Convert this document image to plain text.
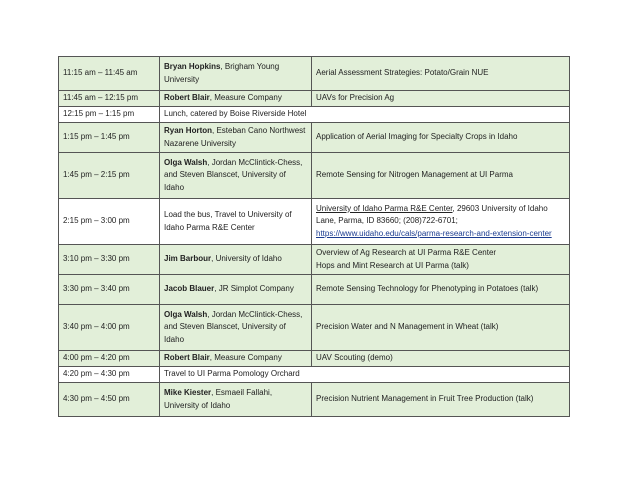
11:15 am – 11:45 am	Bryan Hopkins, Brigham Young University	Aerial Assessment Strategies: Potato/Grain NUE

11:45 am – 12:15 pm	Robert Blair, Measure Company	UAVs for Precision Ag

12:15 pm – 1:15 pm	Lunch, catered by Boise Riverside Hotel	
1:15 pm – 1:45 pm	Ryan Horton, Esteban Cano Northwest Nazarene University	Application of Aerial Imaging for Specialty Crops in Idaho

1:45 pm – 2:15 pm	Olga Walsh, Jordan McClintick-Chess, and Steven Blanscet, University of Idaho	Remote Sensing for Nitrogen Management at UI Parma

2:15 pm – 3:00 pm	Load the bus, Travel to University of Idaho Parma R&E Center	University of Idaho Parma R&E Center, 29603 University of Idaho Lane, Parma, ID 83660; (208)722-6701; https://www.uidaho.edu/cals/parma-research-and-extension-center
3:10 pm – 3:30 pm	Jim Barbour, University of Idaho	Overview of Ag Research at UI Parma R&E Center
Hops and Mint Research at UI Parma (talk)

3:30 pm – 3:40 pm	Jacob Blauer, JR Simplot Company	Remote Sensing Technology for Phenotyping in Potatoes (talk)

3:40 pm – 4:00 pm	Olga Walsh, Jordan McClintick-Chess, and Steven Blanscet, University of Idaho	Precision Water and N Management in Wheat (talk)

4:00 pm – 4:20 pm	Robert Blair, Measure Company	UAV Scouting (demo)

4:20 pm – 4:30 pm	Travel to UI Parma Pomology Orchard	
4:30 pm – 4:50 pm	Mike Kiester, Esmaeil Fallahi, University of Idaho	Precision Nutrient Management in Fruit Tree Production (talk)
